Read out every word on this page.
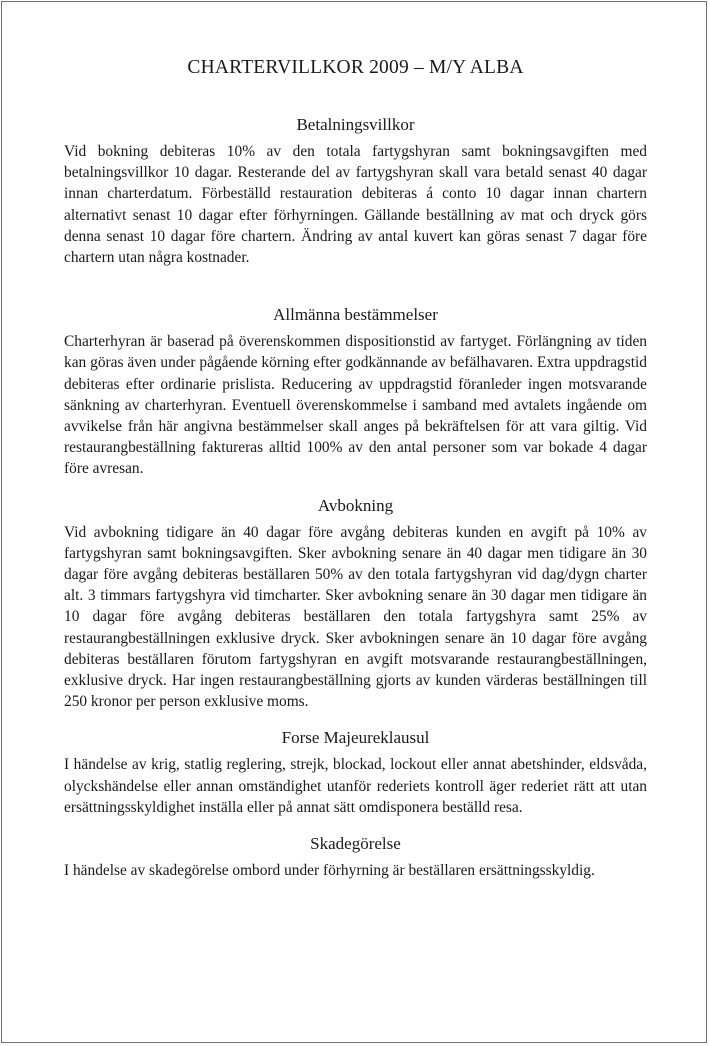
CHARTERVILLKOR 2009 – M/Y ALBA
Betalningsvillkor

Vid bokning debiteras 10% av den totala fartygshyran samt bokningsavgiften med betalningsvillkor 10 dagar. Resterande del av fartygshyran skall vara betald senast 40 dagar innan charterdatum. Förbeställd restauration debiteras á conto 10 dagar innan chartern alternativt senast 10 dagar efter förhyrningen. Gällande beställning av mat och dryck görs denna senast 10 dagar före chartern. Ändring av antal kuvert kan göras senast 7 dagar före chartern utan några kostnader.

Allmänna bestämmelser

Charterhyran är baserad på överenskommen dispositionstid av fartyget. Förlängning av tiden kan göras även under pågående körning efter godkännande av befälhavaren. Extra uppdragstid debiteras efter ordinarie prislista. Reducering av uppdragstid föranleder ingen motsvarande sänkning av charterhyran. Eventuell överenskommelse i samband med avtalets ingående om avvikelse från här angivna bestämmelser skall anges på bekräftelsen för att vara giltig. Vid restaurangbeställning faktureras alltid 100% av den antal personer som var bokade 4 dagar före avresan.

Avbokning

Vid avbokning tidigare än 40 dagar före avgång debiteras kunden en avgift på 10% av fartygshyran samt bokningsavgiften. Sker avbokning senare än 40 dagar men tidigare än 30 dagar före avgång debiteras beställaren 50% av den totala fartygshyran vid dag/dygn charter alt. 3 timmars fartygshyra vid timcharter. Sker avbokning senare än 30 dagar men tidigare än 10 dagar före avgång debiteras beställaren den totala fartygshyra samt 25% av restaurangbeställningen exklusive dryck. Sker avbokningen senare än 10 dagar före avgång debiteras beställaren förutom fartygshyran en avgift motsvarande restaurangbeställningen, exklusive dryck. Har ingen restaurangbeställning gjorts av kunden värderas beställningen till 250 kronor per person exklusive moms.

Forse Majeureklausul

I händelse av krig, statlig reglering, strejk, blockad, lockout eller annat abetshinder, eldsvåda, olyckshändelse eller annan omständighet utanför rederiets kontroll äger rederiet rätt att utan ersättningsskyldighet inställa eller på annat sätt omdisponera beställd resa.

Skadegörelse

I händelse av skadegörelse ombord under förhyrning är beställaren ersättningsskyldig.
